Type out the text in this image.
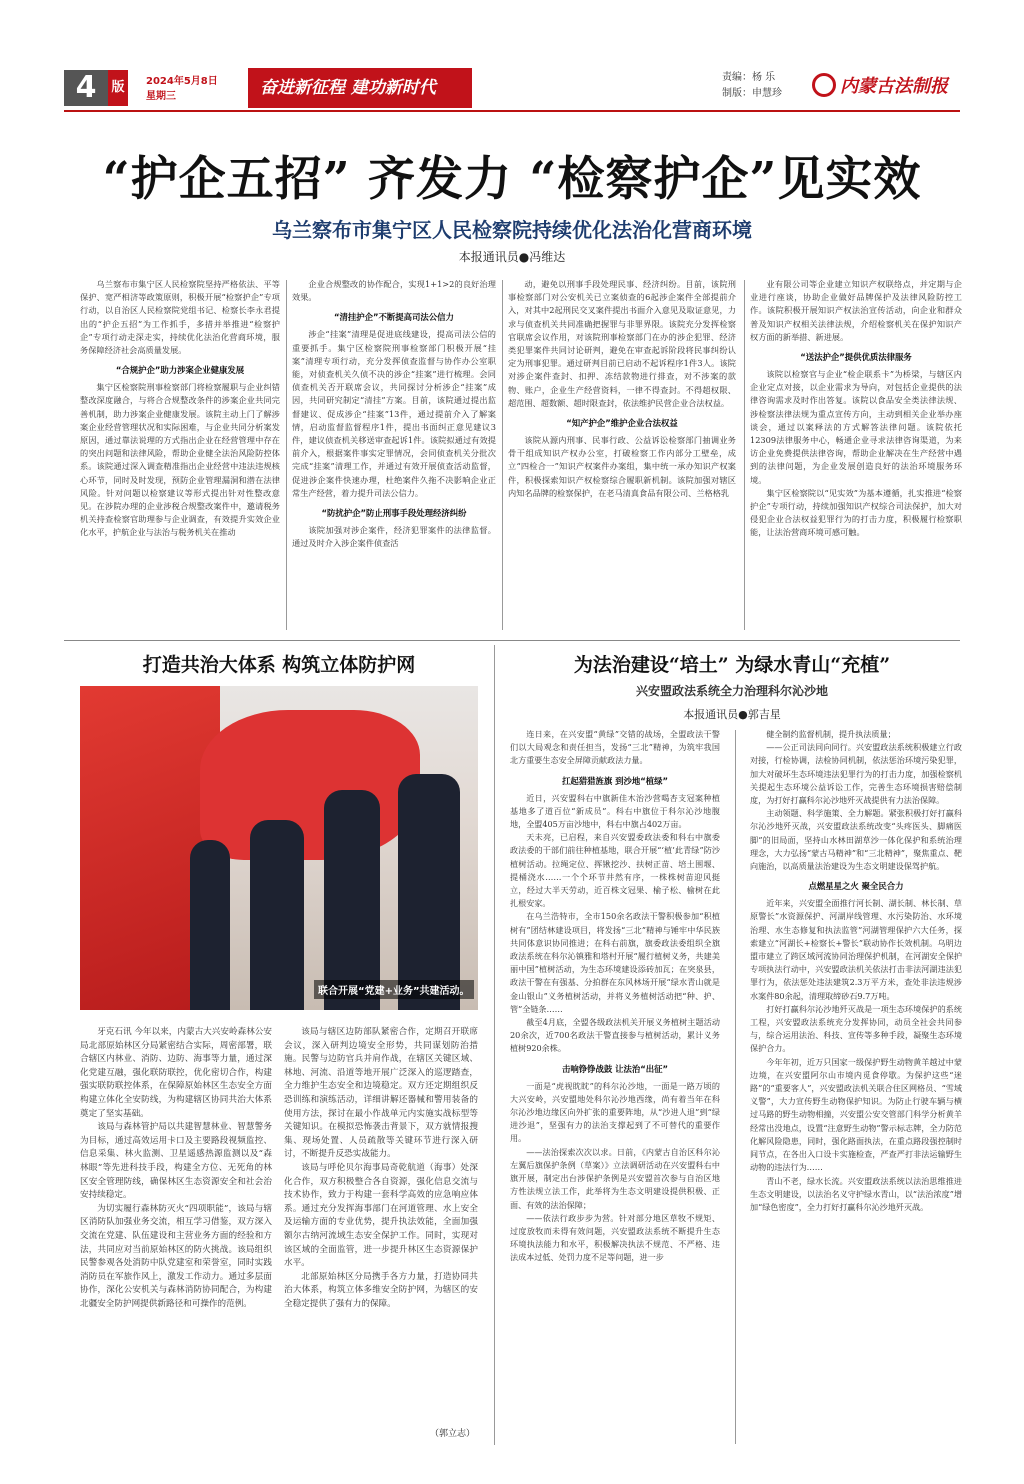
4	版	2024年5月8日
星期三	奋进新征程 建功新时代
责编：杨 乐
制版：申慧珍	内蒙古法制报
“护企五招” 齐发力 “检察护企”见实效
乌兰察布市集宁区人民检察院持续优化法治化营商环境
本报通讯员●冯维达

乌兰察布市集宁区人民检察院坚持严格依法、平等保护、宽严相济等政策原则，积极开展“检察护企”专项行动，以自治区人民检察院党组书记、检察长李永君提出的“护企五招”为工作抓手，多措并举推进“检察护企”专项行动走深走实，持续优化法治化营商环境，服务保障经济社会高质量发展。

“合规护企”助力涉案企业健康发展

集宁区检察院刑事检察部门将检察履职与企业纠错整改深度融合，与将合合规整改条件的涉案企业共同完善机制，助力涉案企业健康发展。该院主动上门了解涉案企业经营管理状况和实际困难，与企业共同分析案发原因，通过靠法说理的方式指出企业在经营管理中存在的突出问题和法律风险，帮助企业健全法治风险防控体系。该院通过深入调查精准指出企业经营中违法违规核心环节，同时及时发现，预防企业管理漏洞和潜在法律风险。针对问题以检察建议等形式提出针对性整改意见。在涉院办理的企业涉税合规整改案件中，邀请税务机关持查检察官助理参与企业调查，有效提升实效企业化水平，护航企业与法治与税务机关在推动

企业合规整改的协作配合，实现1+1>2的良好治理效果。

“清挂护企”不断提高司法公信力

涉企“挂案”清理是促进底线建设，提高司法公信的重要抓手。集宁区检察院刑事检察部门积极开展“挂案”清理专项行动，充分发挥侦查监督与协作办公室职能，对侦查机关久侦不决的涉企“挂案”进行梳理。会同侦查机关否开联席会议，共同探讨分析涉企“挂案”成因，共同研究制定“清挂”方案。目前，该院通过提出监督建议、促成涉企“挂案”13件，通过提前介入了解案情，启动监督监督程序1件，提出书面纠正意见建议3件，建议侦查机关移送审查起诉1件。该院拟通过有效提前介入，根据案件事实定罪情况，会同侦查机关分批次完成“挂案”清理工作，并通过有效开展侦查活动监督，促进涉企案件快速办理，杜绝案件久拖不决影响企业正常生产经营，着力提升司法公信力。

“防扰护企”防止刑事手段处理经济纠纷

该院加强对涉企案件，经济犯罪案件的法律监督。通过及时介入涉企案件侦查活

动，避免以刑事手段处理民事、经济纠纷。目前，该院刑事检察部门对公安机关已立案侦查的6起涉企案件全部提前介入，对其中2起刑民交叉案件提出书面介入意见及取证意见，力求与侦查机关共同准确把握罪与非罪界限。该院充分发挥检察官联席会议作用，对该院刑事检察部门在办的涉企犯罪、经济类犯罪案件共同讨论研判，避免在审查起诉阶段将民事纠纷认定为刑事犯罪。通过研判目前已启动不起诉程序1件3人。该院对涉企案件查封、扣押、冻结款物进行排查，对不涉案的款物、账户，企业生产经营资料，一律不得查封。不得超权限、超范围、超数额、超时限查封，依法维护民营企业合法权益。

“知产护企”维护企业合法权益

该院从源内刑事、民事行政、公益诉讼检察部门抽调业务骨干组成知识产权办公室，打破检察工作内部分工壁垒，成立“四检合一”知识产权案件办案组，集中统一承办知识产权案件，积极探索知识产权检察综合履职新机制。该院加强对辖区内知名品牌的检察保护，在老马清真食品有限公司、兰格格乳

业有限公司等企业建立知识产权联络点，并定期与企业进行座谈，协助企业做好品牌保护及法律风险防控工作。该院积极开展知识产权法治宣传活动，向企业和群众普及知识产权相关法律法规，介绍检察机关在保护知识产权方面的新举措、新进展。

“送法护企”提供优质法律服务

该院以检察官与企业“检企联系卡”为桥梁，与辖区内企业定点对接，以企业需求为导向，对包括企业提供的法律咨询需求及时作出答复。该院以食品安全类法律法规、涉检察法律法规为重点宣传方向，主动到相关企业举办座谈会，通过以案释法的方式解答法律问题。该院依托12309法律服务中心，畅通企业寻求法律咨询渠道，为来访企业免费提供法律咨询，帮助企业解决在生产经营中遇到的法律问题，为企业发展创造良好的法治环境服务环境。

集宁区检察院以“见实效”为基本遵循，扎实推进“检察护企”专项行动，持续加强知识产权综合司法保护，加大对侵犯企业合法权益犯罪行为的打击力度，积极履行检察职能，让法治营商环境可感可触。

打造共治大体系 构筑立体防护网
联合开展“党建+业务”共建活动。

牙克石讯 今年以来，内蒙古大兴安岭森林公安局北部原始林区分局紧密结合实际，周密部署，联合辖区内林业、消防、边防、海事等力量，通过深化党建互融，强化联防联控，优化密切合作，构建强实联防联控体系，在保障原始林区生态安全方面构建立体化全安防线，为构建辖区协同共治大体系奠定了坚实基础。

该局与森林管护局以共建智慧林业、智慧警务为目标，通过高效运用卡口及主要路段视频监控、信息采集、林火监测、卫星遥感热源监测以及“森林眼”等先进科技手段，构建全方位、无死角的林区安全管理防线，确保林区生态资源安全和社会治安持续稳定。

为切实履行森林防灭火“四项职能”，该局与辖区消防队加强业务交流，相互学习借鉴，双方深入交流在党建、队伍建设和主营业务方面的经验和方法，共同应对当前原始林区的防火挑战。该局组织民警参观各处消防中队党建室和荣誉室，同时实践消防员在军旅作风上，激发工作动力。通过多层面协作，深化公安机关与森林消防协同配合，为构建北疆安全防护网提供新路径和可操作的范例。

该局与辖区边防部队紧密合作，定期召开联席会议，深入研判边境安全形势，共同谋划防治措施。民警与边防官兵并肩作战，在辖区关键区域、林地、河流、沿道等地开展广泛深入的巡逻踏查，全力维护生态安全和边境稳定。双方还定期组织反恐训练和演练活动，详细讲解还器械和警用装备的使用方法，探讨在最小作战单元内实施实战标型等关键知识。在模拟恐怖袭击背景下，双方就情报搜集、现场处置、人员疏散等关键环节进行深入研讨，不断提升反恐实战能力。

该局与呼伦贝尔海事局奇乾航道（海事）处深化合作，双方积极整合各自资源，强化信息交流与技术协作，致力于构建一套科学高效的应急响应体系。通过充分发挥海事部门在河道管理、水上安全及运输方面的专业优势，提升执法效能，全面加强额尔古纳河流域生态安全保护工作。同时，实现对该区域的全面监管，进一步提升林区生态资源保护水平。

北部原始林区分局携手各方力量，打造协同共治大体系，构筑立体多维安全防护网，为辖区的安全稳定提供了强有力的保障。

（郭立志）
为法治建设“培土” 为绿水青山“充植”
兴安盟政法系统全力治理科尔沁沙地
本报通讯员●郭吉星

连日来，在兴安盟“黄绿”交错的战场，全盟政法干警们以大局观念和责任担当，发扬“三北”精神，为筑牢我国北方重要生态安全屏障贡献政法力量。

扛起猎猎旌旗 到沙地“植绿”

近日，兴安盟科右中旗新佳木治沙营喝杏支冠案种植基地多了道百位“新成员”。科右中旗位于科尔沁沙地腹地，全盟405万亩沙地中，科右中旗占402万亩。

天未亮，已启程，来自兴安盟委政法委和科右中旗委政法委的干部们前往种植基地，联合开展“‘植’此青绿”防沙植树活动。拉绳定位、挥锹挖沙、扶树正苗、培土围堰、提桶浇水……一个个环节井然有序，一株株树苗迎风挺立，经过大半天劳动，近百株文冠果、榆子松、榆树在此扎根安家。

在乌兰浩特市，全市150余名政法干警积极参加“积植树有”团结林建设项目，将发扬“三北”精神与锤牢中华民族共同体意识协同推进；在科右前旗，旗委政法委组织全旗政法系统在科尔沁镇雅和塔村开展“履行植树义务，共建美丽中国”植树活动，为生态环境建设添砖加瓦；在突泉县，政法干警在有强基、分拍群在东风林场开展“绿水青山就是金山银山”义务植树活动，并将义务植树活动把“种、护、管”全链条……

截至4月底，全盟各级政法机关开展义务植树主题活动20余次，近700名政法干警直接参与植树活动，累计义务植树920余株。

击响铮铮战鼓 让法治“出征”

一面是“虎视眈眈”的科尔沁沙地，一面是一路万顷的大兴安岭，兴安盟地处科尔沁沙地西缘，尚有着当年在科尔沁沙地边缘区向外扩张的重要阵地，从“沙进人退”到“绿进沙退”，坚强有力的法治支撑起到了不可替代的重要作用。

——法治探索次次以求。日前，《内蒙古自治区科尔沁左翼后旗保护条例（草案）》立法调研活动在兴安盟科右中旗开展，制定出台涉保护条例是兴安盟首次参与自治区地方性法规立法工作，此举将为生态文明建设提供积极、正面、有效的法治保障；

——依法行政步步为营。针对部分地区草牧不规矩、过度放牧而未得有效问题，兴安盟政法系统不断提升生态环境执法能力和水平，积极解决执法不规范、不严格、违法成本过低、处罚力度不足等问题，进一步

健全制约监督机制，提升执法质量；

——公正司法同向同行。兴安盟政法系统积极建立行政对接，行检协调，法检协同机制，依法惩治环境污染犯罪，加大对破坏生态环境违法犯罪行为的打击力度，加强检察机关提起生态环境公益诉讼工作，完善生态环境损害赔偿制度，为打好打赢科尔沁沙地歼灭战提供有力法治保障。

主动领题、科学施策、全力解题。紧张积极打好打赢科尔沁沙地歼灭战，兴安盟政法系统改变“头疼医头、脚痛医脚”的旧局面，坚持山水林田湖草沙一体化保护和系统治理理念，大力弘扬“蒙古马精神”和“三北精神”，聚焦重点、靶向施治，以高质量法治建设为生态文明建设保驾护航。

点燃星星之火 聚全民合力

近年来，兴安盟全面推行河长制、湖长制、林长制、草原警长”水资源保护、河湖岸线管理、水污染防治、水环境治理、水生态修复和执法监管”河湖管理保护六大任务，探索建立“河湖长+检察长+警长”联动协作长效机制。乌明边盟市建立了跨区域河流协同治理保护机制，在河湖安全保护专项执法行动中，兴安盟政法机关依法打击非法河湖违法犯罪行为，依法惩处违法建筑2.3万平方米，查处非法违规涉水案件80余起，清理取缔砂石9.7万吨。

打好打赢科尔沁沙地歼灭战是一项生态环境保护的系统工程，兴安盟政法系统充分发挥协同，动员全社会共同参与，综合运用法治、科技、宣传等多种手段，凝聚生态环境保护合力。

今年年初，近万只国家一级保护野生动物黄羊越过中蒙边境，在兴安盟阿尔山市境内觅食停歇。为保护这些“迷路”的“重要客人”，兴安盟政法机关联合住区网格员、“雪域义警”，大力宣传野生动物保护知识。为防止行驶车辆与横过马路的野生动物相撞，兴安盟公安交管部门科学分析黄羊经常出没地点，设置“注意野生动物”警示标志牌，全力防范化解风险隐患，同时，强化路面执法，在重点路段强控制时间节点，在各出入口设卡实施检查，严查严打非法运输野生动物的违法行为……

青山不老，绿水长流。兴安盟政法系统以法治思维推进生态文明建设，以法治名义守护绿水青山，以“法治浓度”增加“绿色密度”，全力打好打赢科尔沁沙地歼灭战。
